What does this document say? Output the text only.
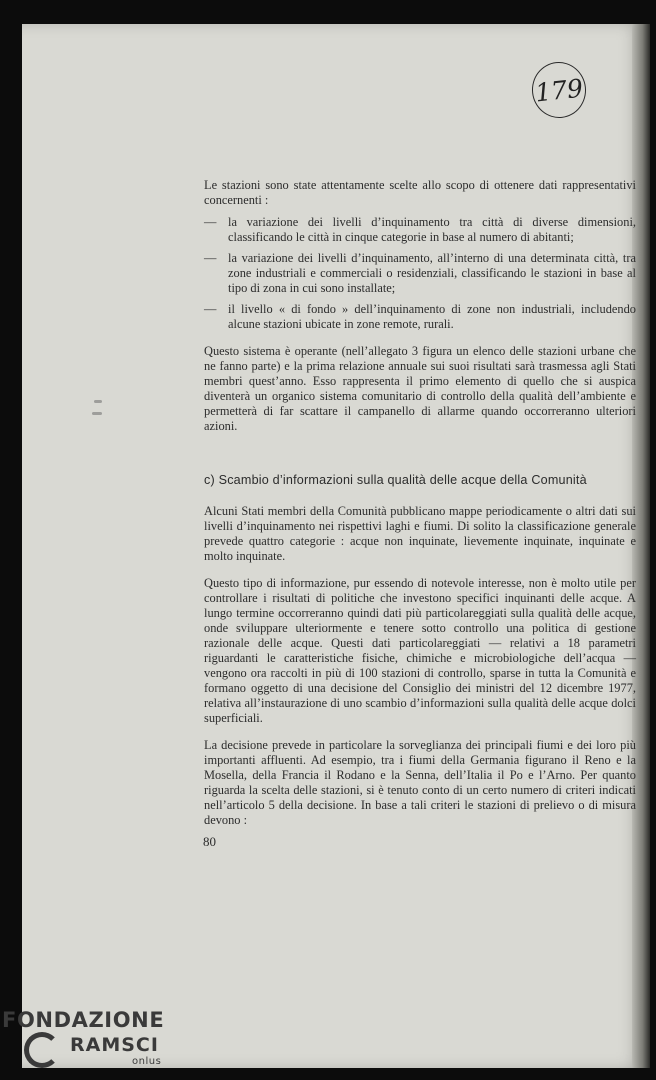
179

Le stazioni sono state attentamente scelte allo scopo di ottenere dati rappresentativi concernenti :

— la variazione dei livelli d’inquinamento tra città di diverse dimensioni, classificando le città in cinque categorie in base al numero di abitanti;
— la variazione dei livelli d’inquinamento, all’interno di una determinata città, tra zone industriali e commerciali o residenziali, classificando le stazioni in base al tipo di zona in cui sono installate;
— il livello « di fondo » dell’inquinamento di zone non industriali, includendo alcune stazioni ubicate in zone remote, rurali.

Questo sistema è operante (nell’allegato 3 figura un elenco delle stazioni urbane che ne fanno parte) e la prima relazione annuale sui suoi risultati sarà trasmessa agli Stati membri quest’anno. Esso rappresenta il primo elemento di quello che si auspica diventerà un organico sistema comunitario di controllo della qualità dell’ambiente e permetterà di far scattare il campanello di allarme quando occorreranno ulteriori azioni.

c) Scambio d’informazioni sulla qualità delle acque della Comunità

Alcuni Stati membri della Comunità pubblicano mappe periodicamente o altri dati sui livelli d’inquinamento nei rispettivi laghi e fiumi. Di solito la classificazione generale prevede quattro categorie : acque non inquinate, lievemente inquinate, inquinate e molto inquinate.

Questo tipo di informazione, pur essendo di notevole interesse, non è molto utile per controllare i risultati di politiche che investono specifici inquinanti delle acque. A lungo termine occorreranno quindi dati più particolareggiati sulla qualità delle acque, onde sviluppare ulteriormente e tenere sotto controllo una politica di gestione razionale delle acque. Questi dati particolareggiati — relativi a 18 parametri riguardanti le caratteristiche fisiche, chimiche e microbiologiche dell’acqua — vengono ora raccolti in più di 100 stazioni di controllo, sparse in tutta la Comunità e formano oggetto di una decisione del Consiglio dei ministri del 12 dicembre 1977, relativa all’instaurazione di uno scambio d’informazioni sulla qualità delle acque dolci superficiali.

La decisione prevede in particolare la sorveglianza dei principali fiumi e dei loro più importanti affluenti. Ad esempio, tra i fiumi della Germania figurano il Reno e la Mosella, della Francia il Rodano e la Senna, dell’Italia il Po e l’Arno. Per quanto riguarda la scelta delle stazioni, si è tenuto conto di un certo numero di criteri indicati nell’articolo 5 della decisione. In base a tali criteri le stazioni di prelievo o di misura devono :

80
FONDAZIONE
RAMSCI
onlus
